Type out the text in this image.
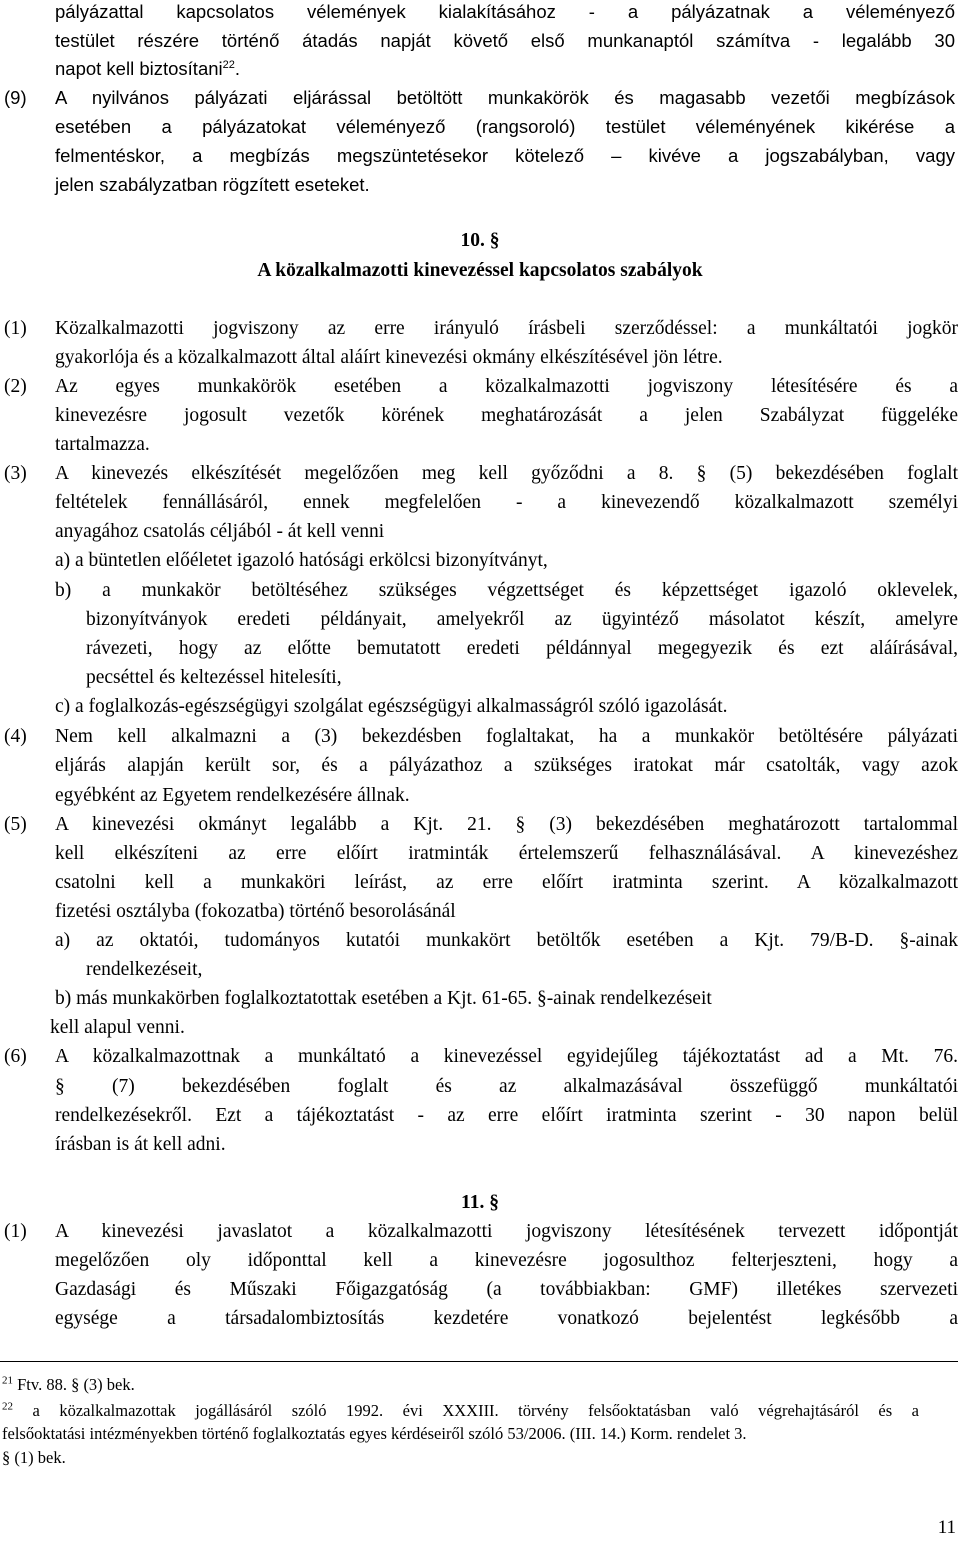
pályázattal kapcsolatos vélemények kialakításához - a pályázatnak a véleményező
testület részére történő átadás napját követő első munkanaptól számítva - legalább 30
napot kell biztosítani$^{22}$.
(9) A nyilvános pályázati eljárással betöltött munkakörök és magasabb vezetői megbízások
esetében a pályázatokat véleményező (rangsoroló) testület véleményének kikérése a
felmentéskor, a megbízás megszüntetésekor kötelező – kivéve a jogszabályban, vagy
jelen szabályzatban rögzített eseteket.
10. §
A közalkalmazotti kinevezéssel kapcsolatos szabályok
(1) Közalkalmazotti jogviszony az erre irányuló írásbeli szerződéssel: a munkáltatói jogkör
gyakorlója és a közalkalmazott által aláírt kinevezési okmány elkészítésével jön létre.
(2) Az egyes munkakörök esetében a közalkalmazotti jogviszony létesítésére és a
kinevezésre jogosult vezetők körének meghatározását a jelen Szabályzat függeléke
tartalmazza.
(3) A kinevezés elkészítését megelőzően meg kell győződni a 8. § (5) bekezdésében foglalt
feltételek fennállásáról, ennek megfelelően - a kinevezendő közalkalmazott személyi
anyagához csatolás céljából - át kell venni
a) a büntetlen előéletet igazoló hatósági erkölcsi bizonyítványt,
b) a munkakör betöltéséhez szükséges végzettséget és képzettséget igazoló oklevelek,
bizonyítványok eredeti példányait, amelyekről az ügyintéző másolatot készít, amelyre
rávezeti, hogy az előtte bemutatott eredeti példánnyal megegyezik és ezt aláírásával,
pecséttel és keltezéssel hitelesíti,
c) a foglalkozás-egészségügyi szolgálat egészségügyi alkalmasságról szóló igazolását.
(4) Nem kell alkalmazni a (3) bekezdésben foglaltakat, ha a munkakör betöltésére pályázati
eljárás alapján került sor, és a pályázathoz a szükséges iratokat már csatolták, vagy azok
egyébként az Egyetem rendelkezésére állnak.
(5) A kinevezési okmányt legalább a Kjt. 21. § (3) bekezdésében meghatározott tartalommal
kell elkészíteni az erre előírt iratminták értelemszerű felhasználásával. A kinevezéshez
csatolni kell a munkaköri leírást, az erre előírt iratminta szerint. A közalkalmazott
fizetési osztályba (fokozatba) történő besorolásánál
a) az oktatói, tudományos kutatói munkakört betöltők esetében a Kjt. 79/B-D. §-ainak
rendelkezéseit,
b) más munkakörben foglalkoztatottak esetében a Kjt. 61-65. §-ainak rendelkezéseit
kell alapul venni.
(6) A közalkalmazottnak a munkáltató a kinevezéssel egyidejűleg tájékoztatást ad a Mt. 76.
§ (7) bekezdésében foglalt és az alkalmazásával összefüggő munkáltatói
rendelkezésekről. Ezt a tájékoztatást - az erre előírt iratminta szerint - 30 napon belül
írásban is át kell adni.
11. §
(1) A kinevezési javaslatot a közalkalmazotti jogviszony létesítésének tervezett időpontját
megelőzően oly időponttal kell a kinevezésre jogosulthoz felterjeszteni, hogy a
Gazdasági és Műszaki Főigazgatóság (a továbbiakban: GMF) illetékes szervezeti
egysége a társadalombiztosítás kezdetére vonatkozó bejelentést legkésőbb a
$^{21}$ Ftv. 88. § (3) bek.
$^{22}$ a közalkalmazottak jogállásáról szóló 1992. évi XXXIII. törvény felsőoktatásban való végrehajtásáról és a
felsőoktatási intézményekben történő foglalkoztatás egyes kérdéseiről szóló 53/2006. (III. 14.) Korm. rendelet 3.
§ (1) bek.
11
